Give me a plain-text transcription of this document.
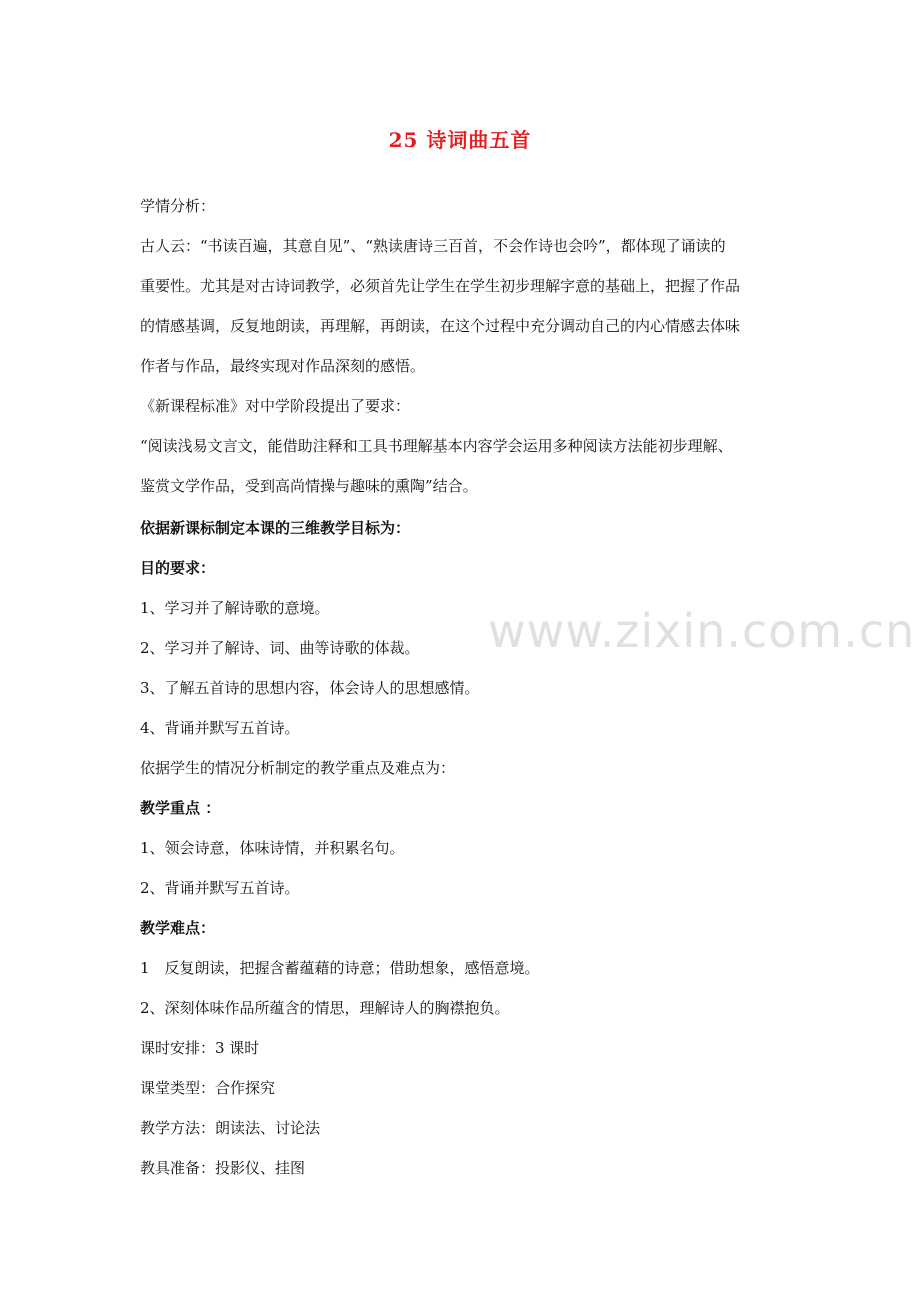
25 诗词曲五首
www.zixin.com.cn
学情分析：
古人云：“书读百遍，其意自见”、“熟读唐诗三百首，不会作诗也会吟”，都体现了诵读的
重要性。尤其是对古诗词教学，必须首先让学生在学生初步理解字意的基础上，把握了作品
的情感基调，反复地朗读，再理解，再朗读，在这个过程中充分调动自己的内心情感去体味
作者与作品，最终实现对作品深刻的感悟。
《新课程标准》对中学阶段提出了要求：
“阅读浅易文言文，能借助注释和工具书理解基本内容学会运用多种阅读方法能初步理解、
鉴赏文学作品，受到高尚情操与趣味的熏陶”结合。
依据新课标制定本课的三维教学目标为：
目的要求：
1、学习并了解诗歌的意境。
2、学习并了解诗、词、曲等诗歌的体裁。
3、了解五首诗的思想内容，体会诗人的思想感情。
4、背诵并默写五首诗。
依据学生的情况分析制定的教学重点及难点为：
教学重点 ：
1、领会诗意，体味诗情，并积累名句。
2、背诵并默写五首诗。
教学难点：
1　反复朗读，把握含蓄蕴藉的诗意；借助想象，感悟意境。
2、深刻体味作品所蕴含的情思，理解诗人的胸襟抱负。
课时安排：3 课时
课堂类型：合作探究
教学方法：朗读法、讨论法
教具准备：投影仪、挂图
